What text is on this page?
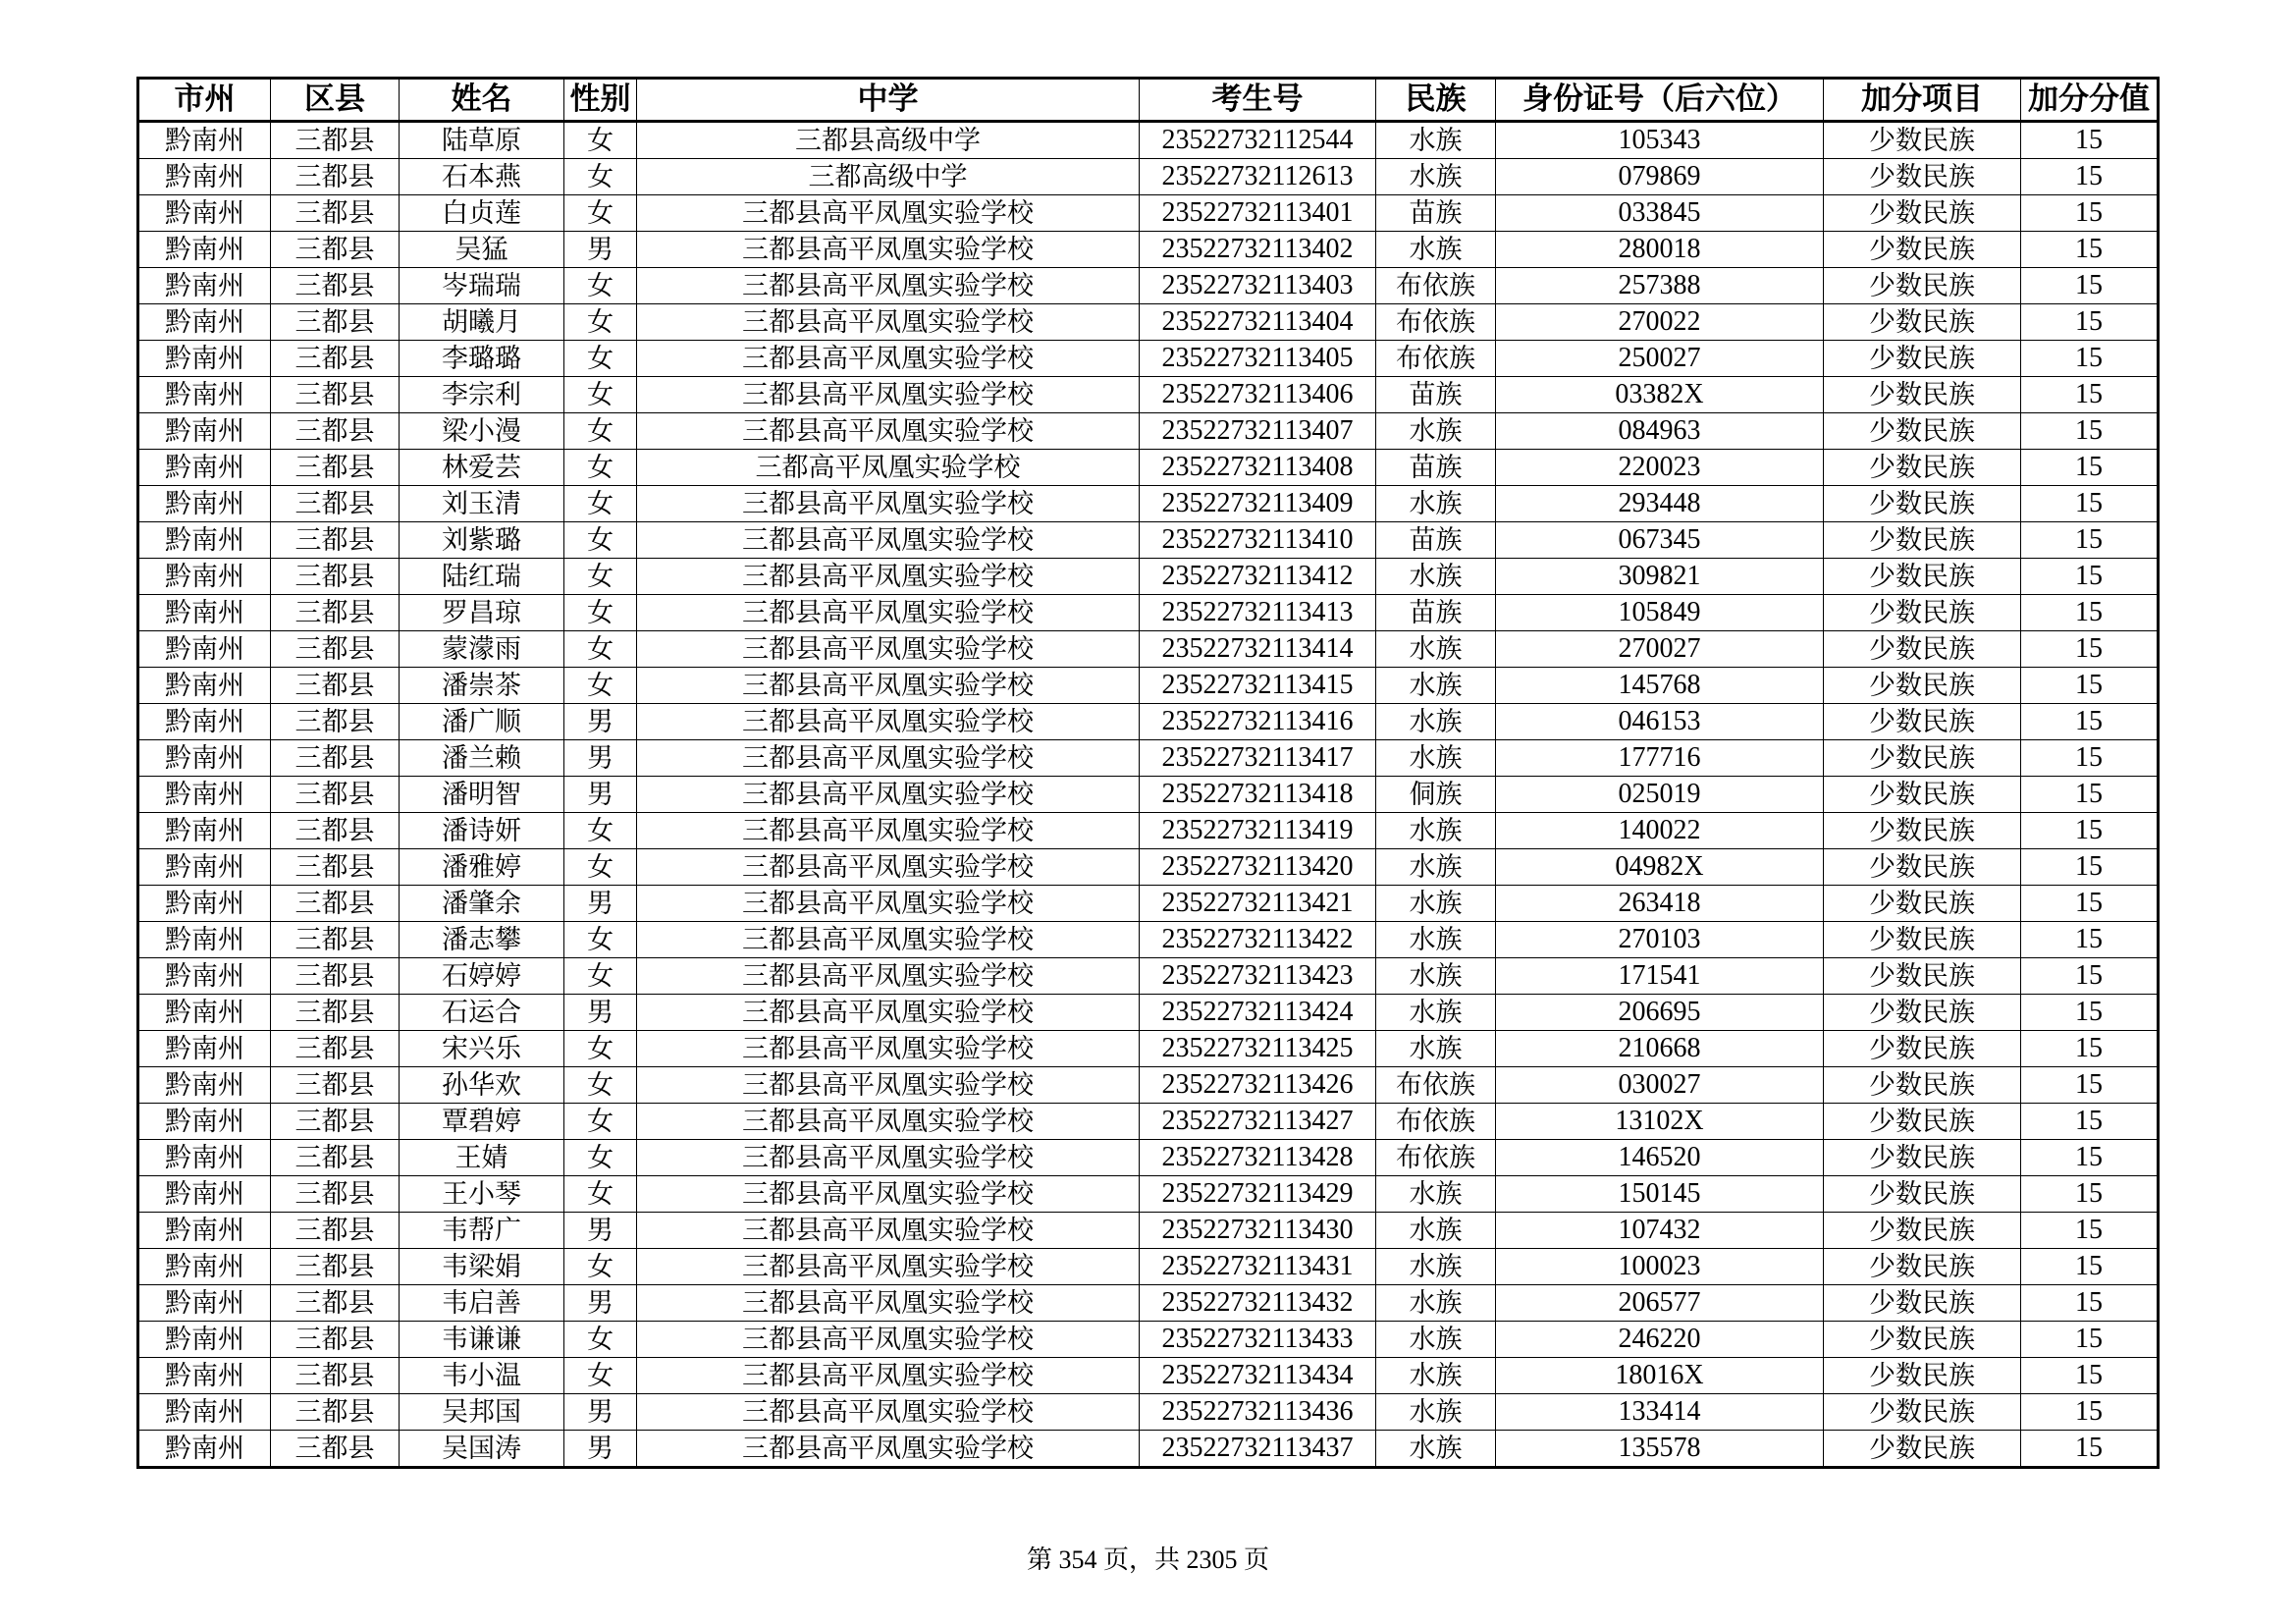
市州	区县	姓名	性别	中学	考生号	民族	身份证号（后六位）	加分项目	加分分值
黔南州	三都县	陆草原	女	三都县高级中学	23522732112544	水族	105343	少数民族	15
黔南州	三都县	石本燕	女	三都高级中学	23522732112613	水族	079869	少数民族	15
黔南州	三都县	白贞莲	女	三都县高平凤凰实验学校	23522732113401	苗族	033845	少数民族	15
黔南州	三都县	吴猛	男	三都县高平凤凰实验学校	23522732113402	水族	280018	少数民族	15
黔南州	三都县	岑瑞瑞	女	三都县高平凤凰实验学校	23522732113403	布依族	257388	少数民族	15
黔南州	三都县	胡曦月	女	三都县高平凤凰实验学校	23522732113404	布依族	270022	少数民族	15
黔南州	三都县	李璐璐	女	三都县高平凤凰实验学校	23522732113405	布依族	250027	少数民族	15
黔南州	三都县	李宗利	女	三都县高平凤凰实验学校	23522732113406	苗族	03382X	少数民族	15
黔南州	三都县	梁小漫	女	三都县高平凤凰实验学校	23522732113407	水族	084963	少数民族	15
黔南州	三都县	林爱芸	女	三都高平凤凰实验学校	23522732113408	苗族	220023	少数民族	15
黔南州	三都县	刘玉清	女	三都县高平凤凰实验学校	23522732113409	水族	293448	少数民族	15
黔南州	三都县	刘紫璐	女	三都县高平凤凰实验学校	23522732113410	苗族	067345	少数民族	15
黔南州	三都县	陆红瑞	女	三都县高平凤凰实验学校	23522732113412	水族	309821	少数民族	15
黔南州	三都县	罗昌琼	女	三都县高平凤凰实验学校	23522732113413	苗族	105849	少数民族	15
黔南州	三都县	蒙濛雨	女	三都县高平凤凰实验学校	23522732113414	水族	270027	少数民族	15
黔南州	三都县	潘崇茶	女	三都县高平凤凰实验学校	23522732113415	水族	145768	少数民族	15
黔南州	三都县	潘广顺	男	三都县高平凤凰实验学校	23522732113416	水族	046153	少数民族	15
黔南州	三都县	潘兰赖	男	三都县高平凤凰实验学校	23522732113417	水族	177716	少数民族	15
黔南州	三都县	潘明智	男	三都县高平凤凰实验学校	23522732113418	侗族	025019	少数民族	15
黔南州	三都县	潘诗妍	女	三都县高平凤凰实验学校	23522732113419	水族	140022	少数民族	15
黔南州	三都县	潘雅婷	女	三都县高平凤凰实验学校	23522732113420	水族	04982X	少数民族	15
黔南州	三都县	潘肇余	男	三都县高平凤凰实验学校	23522732113421	水族	263418	少数民族	15
黔南州	三都县	潘志攀	女	三都县高平凤凰实验学校	23522732113422	水族	270103	少数民族	15
黔南州	三都县	石婷婷	女	三都县高平凤凰实验学校	23522732113423	水族	171541	少数民族	15
黔南州	三都县	石运合	男	三都县高平凤凰实验学校	23522732113424	水族	206695	少数民族	15
黔南州	三都县	宋兴乐	女	三都县高平凤凰实验学校	23522732113425	水族	210668	少数民族	15
黔南州	三都县	孙华欢	女	三都县高平凤凰实验学校	23522732113426	布依族	030027	少数民族	15
黔南州	三都县	覃碧婷	女	三都县高平凤凰实验学校	23522732113427	布依族	13102X	少数民族	15
黔南州	三都县	王婧	女	三都县高平凤凰实验学校	23522732113428	布依族	146520	少数民族	15
黔南州	三都县	王小琴	女	三都县高平凤凰实验学校	23522732113429	水族	150145	少数民族	15
黔南州	三都县	韦帮广	男	三都县高平凤凰实验学校	23522732113430	水族	107432	少数民族	15
黔南州	三都县	韦梁娟	女	三都县高平凤凰实验学校	23522732113431	水族	100023	少数民族	15
黔南州	三都县	韦启善	男	三都县高平凤凰实验学校	23522732113432	水族	206577	少数民族	15
黔南州	三都县	韦谦谦	女	三都县高平凤凰实验学校	23522732113433	水族	246220	少数民族	15
黔南州	三都县	韦小温	女	三都县高平凤凰实验学校	23522732113434	水族	18016X	少数民族	15
黔南州	三都县	吴邦国	男	三都县高平凤凰实验学校	23522732113436	水族	133414	少数民族	15
黔南州	三都县	吴国涛	男	三都县高平凤凰实验学校	23522732113437	水族	135578	少数民族	15
第 354 页，共 2305 页
